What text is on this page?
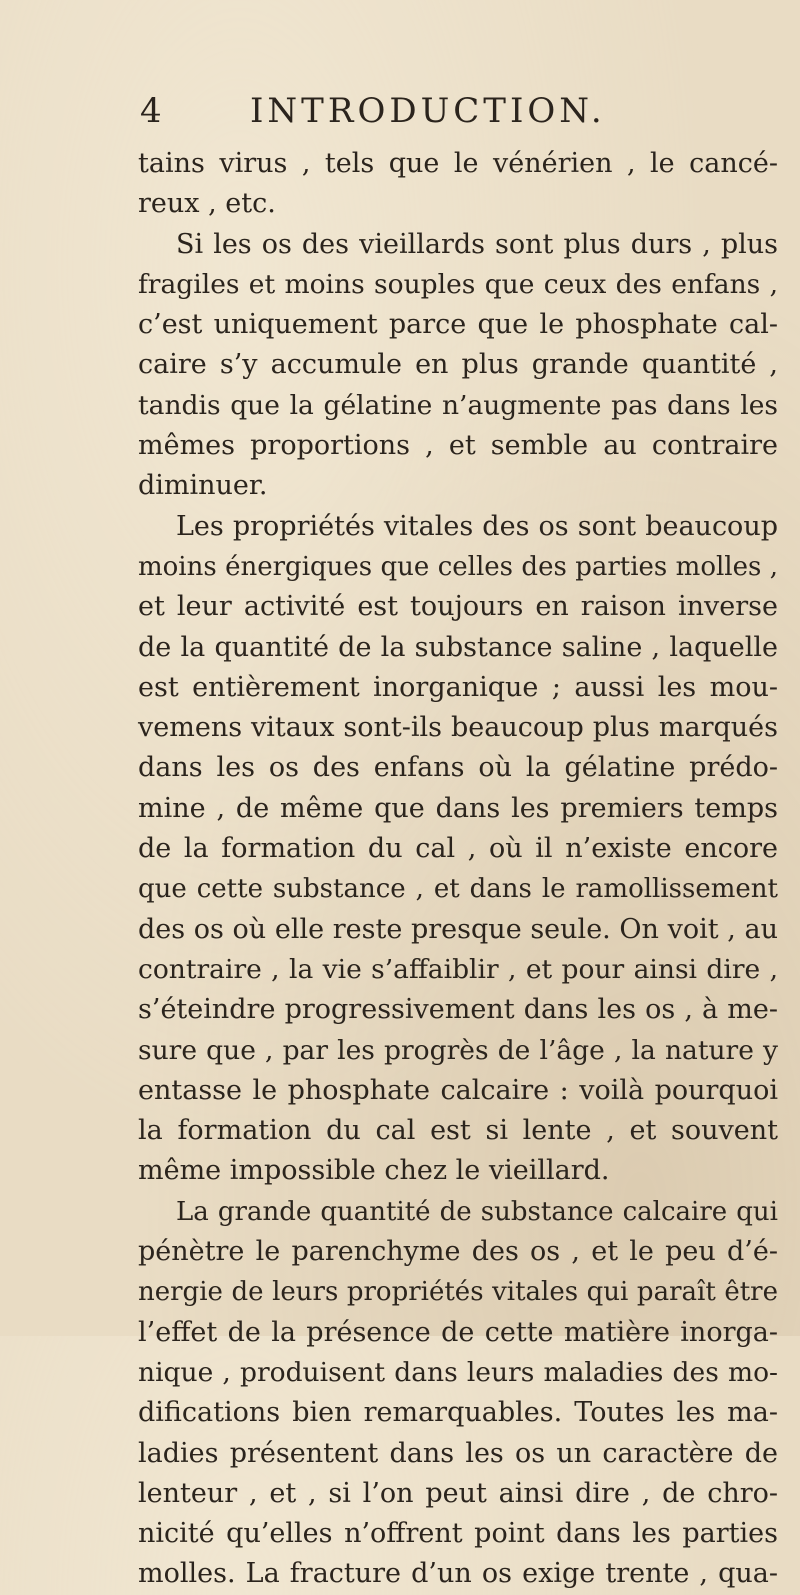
4	INTRODUCTION.
tains virus , tels que le vénérien , le cancé-
reux , etc.
Si les os des vieillards sont plus durs , plus
fragiles et moins souples que ceux des enfans ,
c’est uniquement parce que le phosphate cal-
caire s’y accumule en plus grande quantité ,
tandis que la gélatine n’augmente pas dans les
mêmes proportions , et semble au contraire
diminuer.
Les propriétés vitales des os sont beaucoup
moins énergiques que celles des parties molles ,
et leur activité est toujours en raison inverse
de la quantité de la substance saline , laquelle
est entièrement inorganique ; aussi les mou-
vemens vitaux sont-ils beaucoup plus marqués
dans les os des enfans où la gélatine prédo-
mine , de même que dans les premiers temps
de la formation du cal , où il n’existe encore
que cette substance , et dans le ramollissement
des os où elle reste presque seule. On voit , au
contraire , la vie s’affaiblir , et pour ainsi dire ,
s’éteindre progressivement dans les os , à me-
sure que , par les progrès de l’âge , la nature y
entasse le phosphate calcaire : voilà pourquoi
la formation du cal est si lente , et souvent
même impossible chez le vieillard.
La grande quantité de substance calcaire qui
pénètre le parenchyme des os , et le peu d’é-
nergie de leurs propriétés vitales qui paraît être
l’effet de la présence de cette matière inorga-
nique , produisent dans leurs maladies des mo-
difications bien remarquables. Toutes les ma-
ladies présentent dans les os un caractère de
lenteur , et , si l’on peut ainsi dire , de chro-
nicité qu’elles n’offrent point dans les parties
molles. La fracture d’un os exige trente , qua-
